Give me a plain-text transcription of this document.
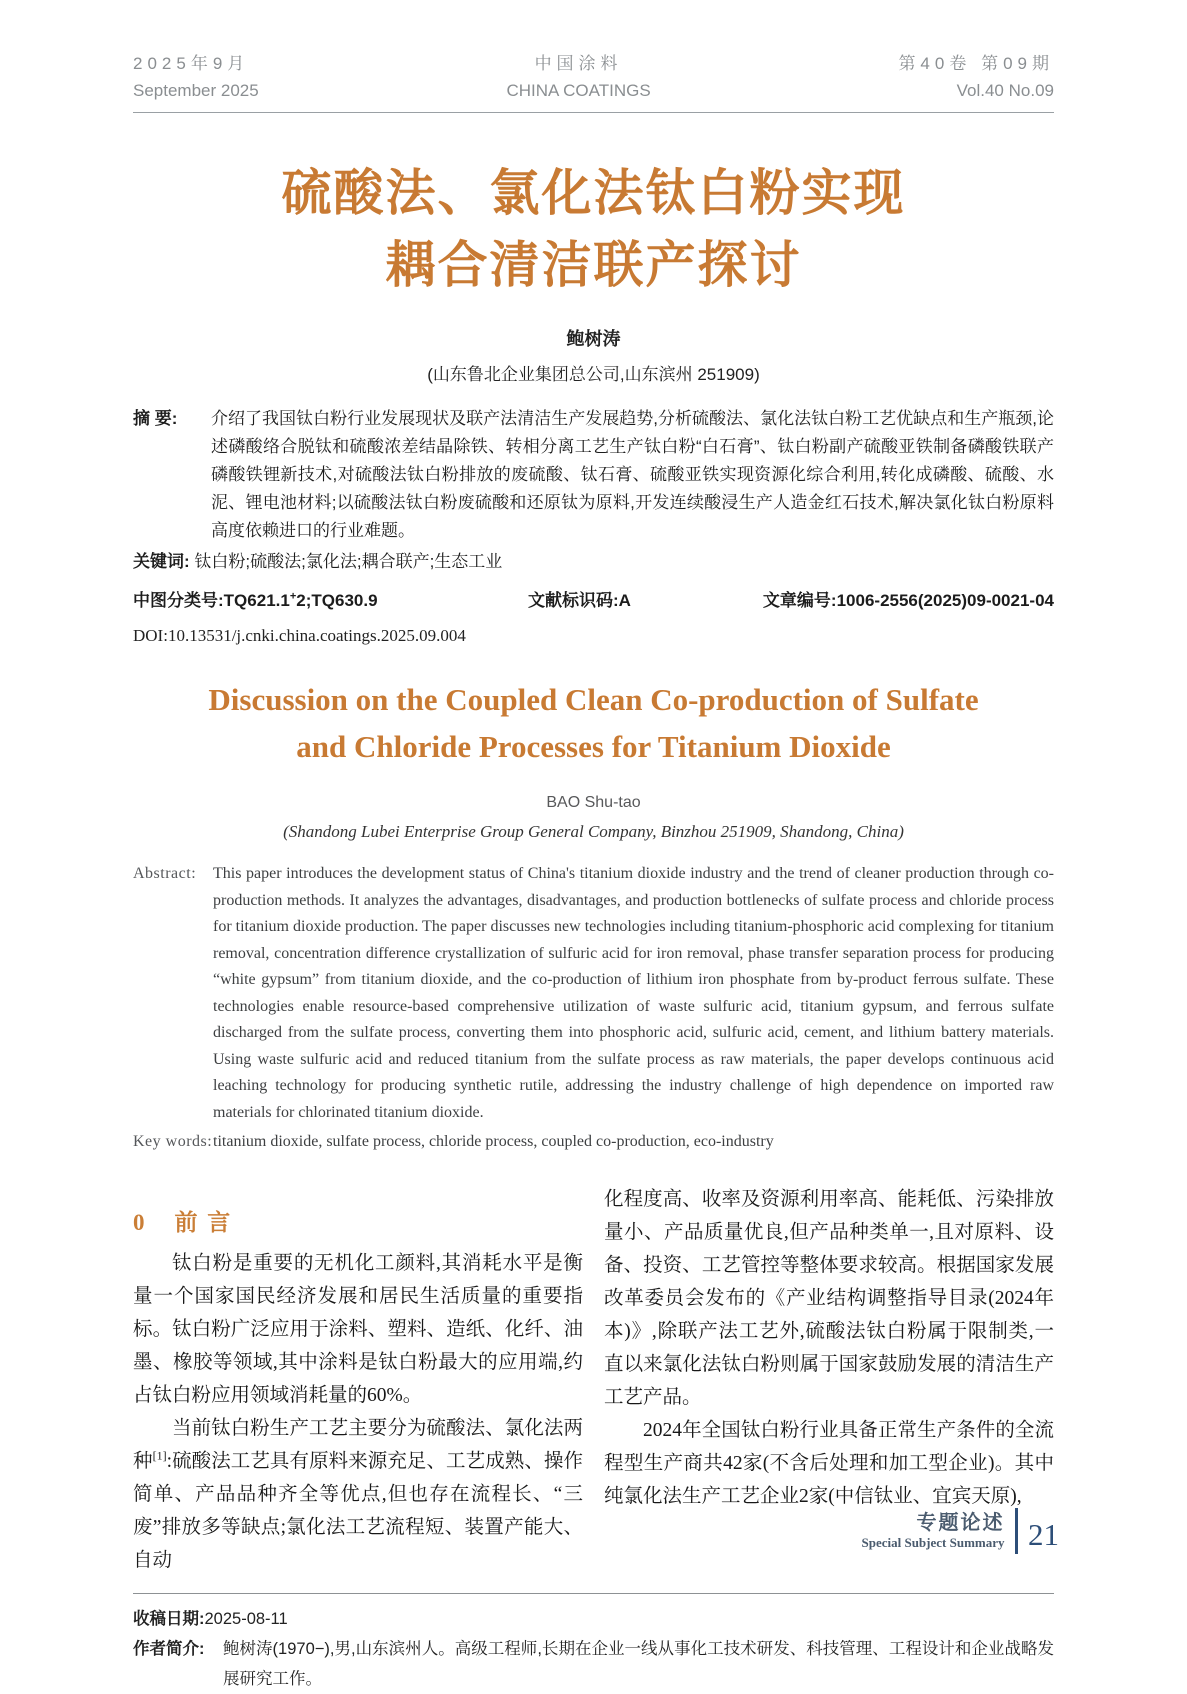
2025年9月
September 2025
中国涂料
CHINA COATINGS
第40卷 第09期
Vol.40 No.09
硫酸法、氯化法钛白粉实现
耦合清洁联产探讨
鲍树涛
(山东鲁北企业集团总公司,山东滨州 251909)
摘 要:	介绍了我国钛白粉行业发展现状及联产法清洁生产发展趋势,分析硫酸法、氯化法钛白粉工艺优缺点和生产瓶颈,论述磷酸络合脱钛和硫酸浓差结晶除铁、转相分离工艺生产钛白粉“白石膏”、钛白粉副产硫酸亚铁制备磷酸铁联产磷酸铁锂新技术,对硫酸法钛白粉排放的废硫酸、钛石膏、硫酸亚铁实现资源化综合利用,转化成磷酸、硫酸、水泥、锂电池材料;以硫酸法钛白粉废硫酸和还原钛为原料,开发连续酸浸生产人造金红石技术,解决氯化钛白粉原料高度依赖进口的行业难题。
关键词: 钛白粉;硫酸法;氯化法;耦合联产;生态工业
中图分类号:TQ621.1+2;TQ630.9	文献标识码:A	文章编号:1006-2556(2025)09-0021-04
DOI:10.13531/j.cnki.china.coatings.2025.09.004
Discussion on the Coupled Clean Co-production of Sulfate
and Chloride Processes for Titanium Dioxide
BAO Shu-tao
(Shandong Lubei Enterprise Group General Company, Binzhou 251909, Shandong, China)
Abstract:	This paper introduces the development status of China's titanium dioxide industry and the trend of cleaner production through co-production methods. It analyzes the advantages, disadvantages, and production bottlenecks of sulfate process and chloride process for titanium dioxide production. The paper discusses new technologies including titanium-phosphoric acid complexing for titanium removal, concentration difference crystallization of sulfuric acid for iron removal, phase transfer separation process for producing “white gypsum” from titanium dioxide, and the co-production of lithium iron phosphate from by-product ferrous sulfate. These technologies enable resource-based comprehensive utilization of waste sulfuric acid, titanium gypsum, and ferrous sulfate discharged from the sulfate process, converting them into phosphoric acid, sulfuric acid, cement, and lithium battery materials. Using waste sulfuric acid and reduced titanium from the sulfate process as raw materials, the paper develops continuous acid leaching technology for producing synthetic rutile, addressing the industry challenge of high dependence on imported raw materials for chlorinated titanium dioxide.
Key words: titanium dioxide, sulfate process, chloride process, coupled co-production, eco-industry
0 前 言

钛白粉是重要的无机化工颜料,其消耗水平是衡量一个国家国民经济发展和居民生活质量的重要指标。钛白粉广泛应用于涂料、塑料、造纸、化纤、油墨、橡胶等领域,其中涂料是钛白粉最大的应用端,约占钛白粉应用领域消耗量的60%。

当前钛白粉生产工艺主要分为硫酸法、氯化法两种[1]:硫酸法工艺具有原料来源充足、工艺成熟、操作简单、产品品种齐全等优点,但也存在流程长、“三废”排放多等缺点;氯化法工艺流程短、装置产能大、自动

化程度高、收率及资源利用率高、能耗低、污染排放量小、产品质量优良,但产品种类单一,且对原料、设备、投资、工艺管控等整体要求较高。根据国家发展改革委员会发布的《产业结构调整指导目录(2024年本)》,除联产法工艺外,硫酸法钛白粉属于限制类,一直以来氯化法钛白粉则属于国家鼓励发展的清洁生产工艺产品。

2024年全国钛白粉行业具备正常生产条件的全流程型生产商共42家(不含后处理和加工型企业)。其中纯氯化法生产工艺企业2家(中信钛业、宜宾天原),

收稿日期:2025-08-11
作者简介:	鲍树涛(1970−),男,山东滨州人。高级工程师,长期在企业一线从事化工技术研发、科技管理、工程设计和企业战略发展研究工作。
专题论述
Special Subject Summary 21
